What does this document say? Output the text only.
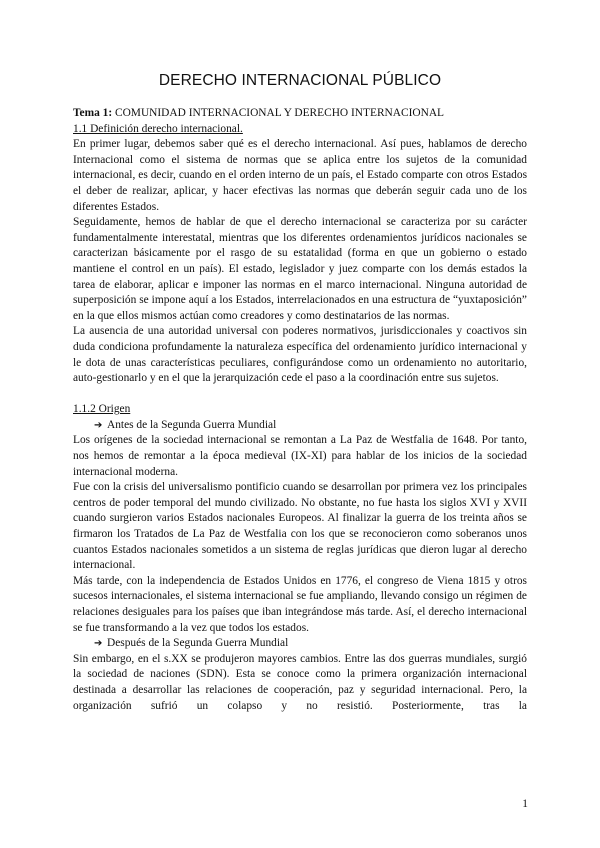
DERECHO INTERNACIONAL PÚBLICO
Tema 1: COMUNIDAD INTERNACIONAL Y DERECHO INTERNACIONAL
1.1 Definición derecho internacional.

En primer lugar, debemos saber qué es el derecho internacional. Así pues, hablamos de derecho Internacional como el sistema de normas que se aplica entre los sujetos de la comunidad internacional, es decir, cuando en el orden interno de un país, el Estado comparte con otros Estados el deber de realizar, aplicar, y hacer efectivas las normas que deberán seguir cada uno de los diferentes Estados.

Seguidamente, hemos de hablar de que el derecho internacional se caracteriza por su carácter fundamentalmente interestatal, mientras que los diferentes ordenamientos jurídicos nacionales se caracterizan básicamente por el rasgo de su estatalidad (forma en que un gobierno o estado mantiene el control en un país). El estado, legislador y juez comparte con los demás estados la tarea de elaborar, aplicar e imponer las normas en el marco internacional. Ninguna autoridad de superposición se impone aquí a los Estados, interrelacionados en una estructura de “yuxtaposición” en la que ellos mismos actúan como creadores y como destinatarios de las normas.

La ausencia de una autoridad universal con poderes normativos, jurisdiccionales y coactivos sin duda condiciona profundamente la naturaleza específica del ordenamiento jurídico internacional y le dota de unas características peculiares, configurándose como un ordenamiento no autoritario, auto-gestionarlo y en el que la jerarquización cede el paso a la coordinación entre sus sujetos.

1.1.2 Origen
➔ Antes de la Segunda Guerra Mundial

Los orígenes de la sociedad internacional se remontan a La Paz de Westfalia de 1648. Por tanto, nos hemos de remontar a la época medieval (IX-XI) para hablar de los inicios de la sociedad internacional moderna.

Fue con la crisis del universalismo pontificio cuando se desarrollan por primera vez los principales centros de poder temporal del mundo civilizado. No obstante, no fue hasta los siglos XVI y XVII cuando surgieron varios Estados nacionales Europeos. Al finalizar la guerra de los treinta años se firmaron los Tratados de La Paz de Westfalia con los que se reconocieron como soberanos unos cuantos Estados nacionales sometidos a un sistema de reglas jurídicas que dieron lugar al derecho internacional.

Más tarde, con la independencia de Estados Unidos en 1776, el congreso de Viena 1815 y otros sucesos internacionales, el sistema internacional se fue ampliando, llevando consigo un régimen de relaciones desiguales para los países que iban integrándose más tarde. Así, el derecho internacional se fue transformando a la vez que todos los estados.

➔ Después de la Segunda Guerra Mundial

Sin embargo, en el s.XX se produjeron mayores cambios. Entre las dos guerras mundiales, surgió la sociedad de naciones (SDN). Esta se conoce como la primera organización internacional destinada a desarrollar las relaciones de cooperación, paz y seguridad internacional. Pero, la organización sufrió un colapso y no resistió. Posteriormente, tras la

1
